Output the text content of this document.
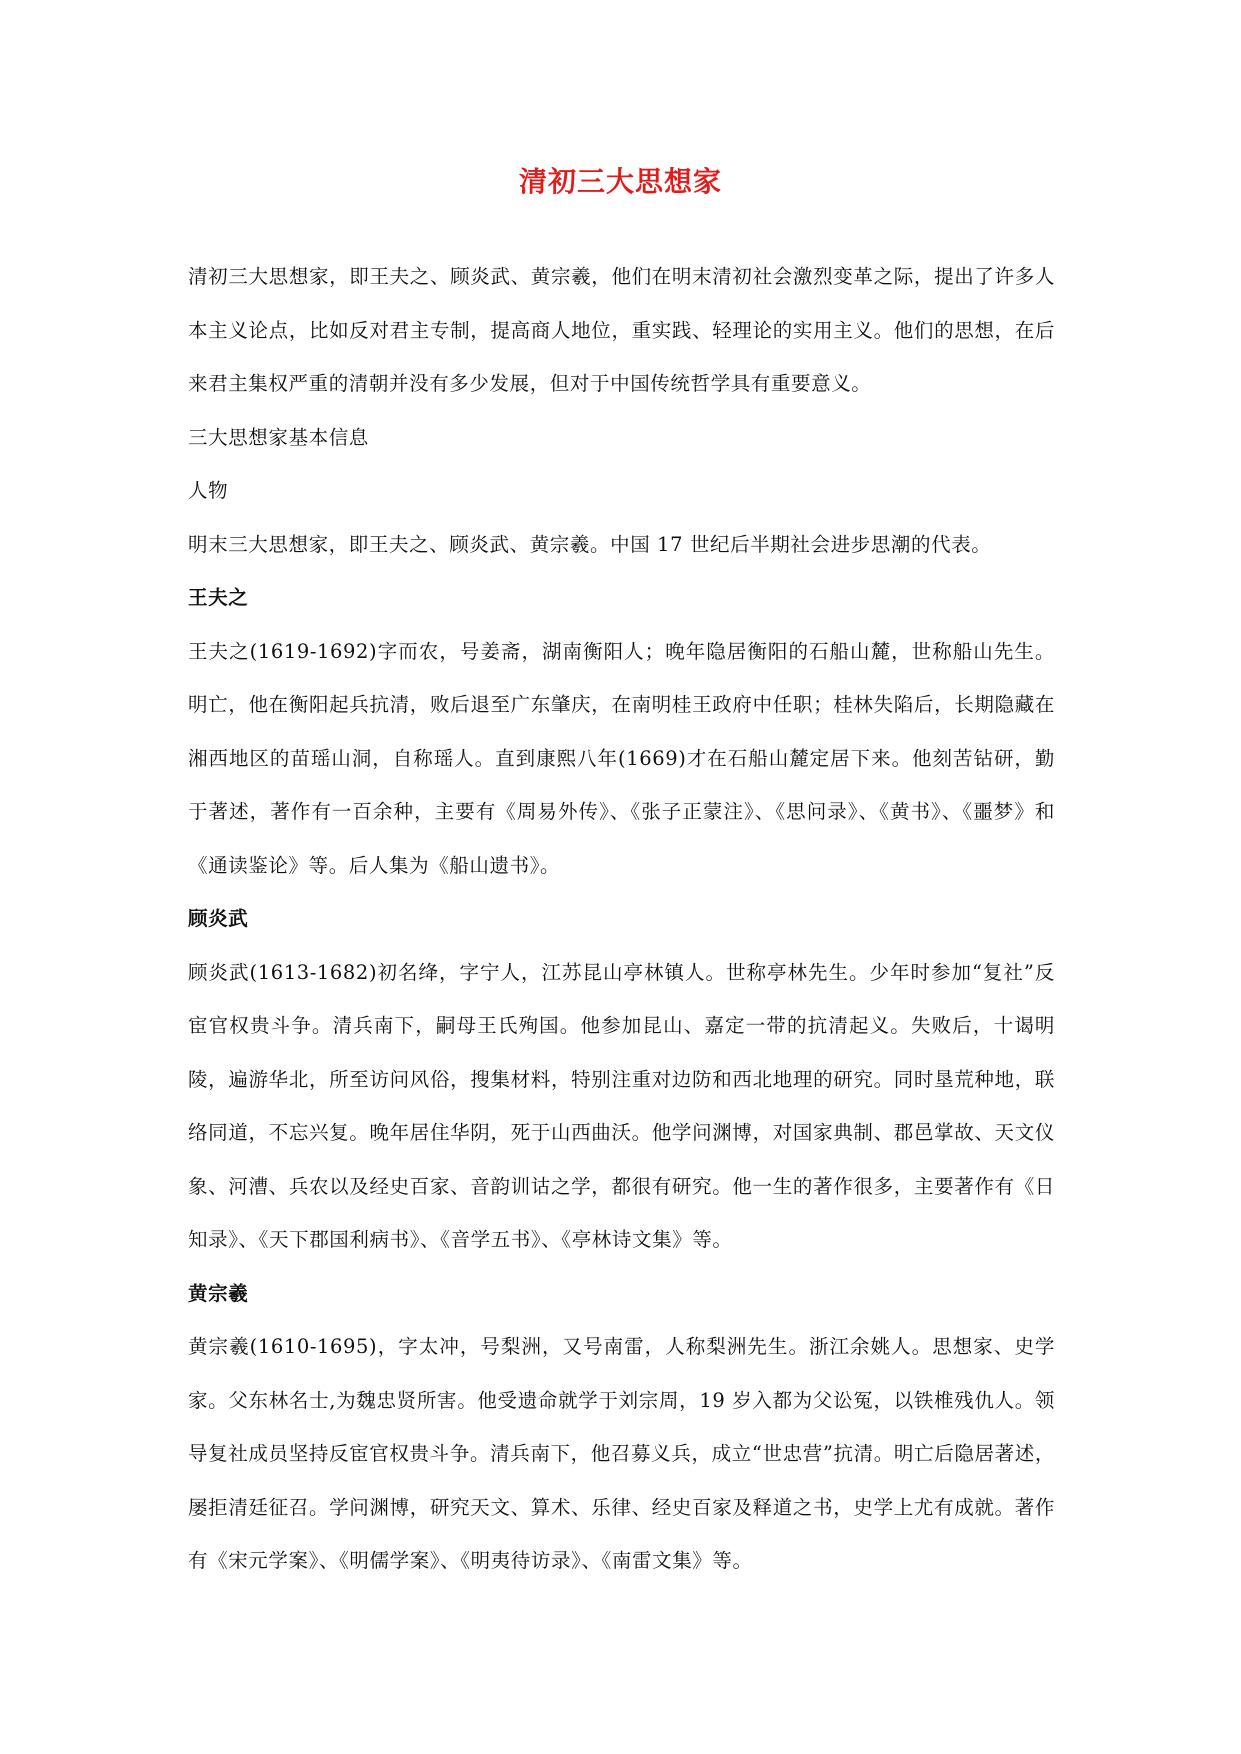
清初三大思想家

清初三大思想家，即王夫之、顾炎武、黄宗羲，他们在明末清初社会激烈变革之际，提出了许多人本主义论点，比如反对君主专制，提高商人地位，重实践、轻理论的实用主义。他们的思想，在后来君主集权严重的清朝并没有多少发展，但对于中国传统哲学具有重要意义。

三大思想家基本信息

人物

明末三大思想家，即王夫之、顾炎武、黄宗羲。中国 17 世纪后半期社会进步思潮的代表。

王夫之

王夫之(1619-1692)字而农，号姜斋，湖南衡阳人；晚年隐居衡阳的石船山麓，世称船山先生。明亡，他在衡阳起兵抗清，败后退至广东肇庆，在南明桂王政府中任职；桂林失陷后，长期隐藏在湘西地区的苗瑶山洞，自称瑶人。直到康熙八年(1669)才在石船山麓定居下来。他刻苦钻研，勤于著述，著作有一百余种，主要有《周易外传》、《张子正蒙注》、《思问录》、《黄书》、《噩梦》和《通读鉴论》等。后人集为《船山遗书》。

顾炎武

顾炎武(1613-1682)初名绛，字宁人，江苏昆山亭林镇人。世称亭林先生。少年时参加“复社”反宦官权贵斗争。清兵南下，嗣母王氏殉国。他参加昆山、嘉定一带的抗清起义。失败后，十谒明陵，遍游华北，所至访问风俗，搜集材料，特别注重对边防和西北地理的研究。同时垦荒种地，联络同道，不忘兴复。晚年居住华阴，死于山西曲沃。他学问渊博，对国家典制、郡邑掌故、天文仪象、河漕、兵农以及经史百家、音韵训诂之学，都很有研究。他一生的著作很多，主要著作有《日知录》、《天下郡国利病书》、《音学五书》、《亭林诗文集》等。

黄宗羲

黄宗羲(1610-1695)，字太冲，号梨洲，又号南雷，人称梨洲先生。浙江余姚人。思想家、史学家。父东林名士,为魏忠贤所害。他受遗命就学于刘宗周，19 岁入都为父讼冤，以铁椎残仇人。领导复社成员坚持反宦官权贵斗争。清兵南下，他召募义兵，成立“世忠营”抗清。明亡后隐居著述，屡拒清廷征召。学问渊博，研究天文、算术、乐律、经史百家及释道之书，史学上尤有成就。著作有《宋元学案》、《明儒学案》、《明夷待访录》、《南雷文集》等。
